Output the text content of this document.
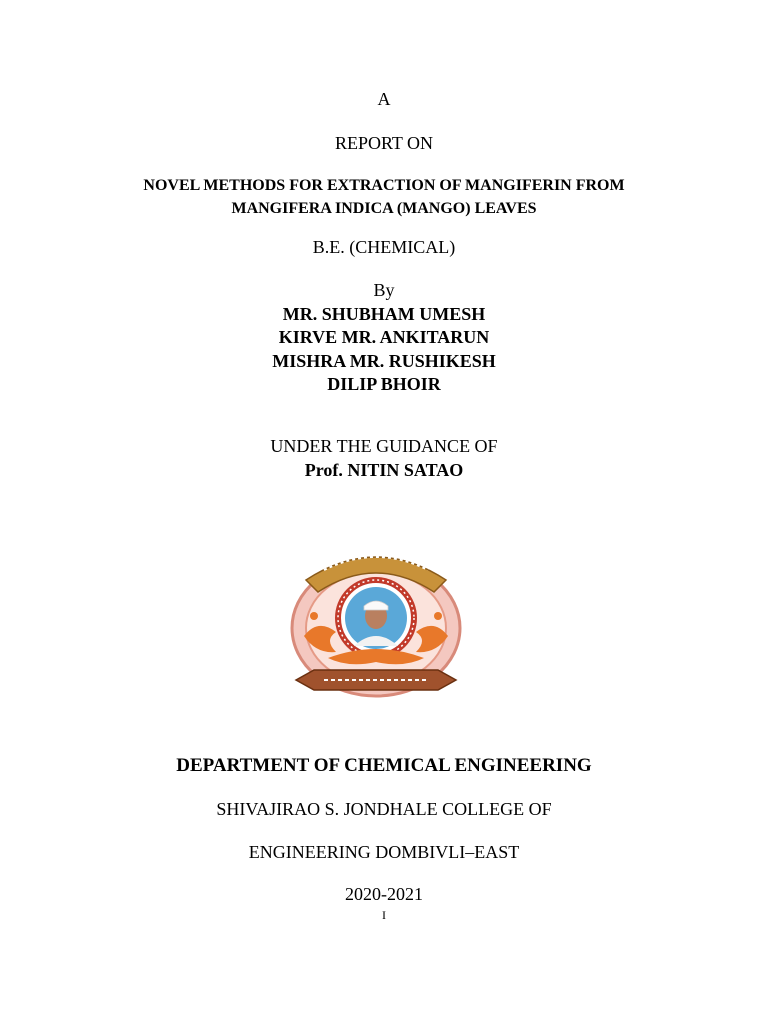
A
REPORT ON
NOVEL METHODS FOR EXTRACTION OF MANGIFERIN FROM
MANGIFERA INDICA (MANGO) LEAVES
B.E. (CHEMICAL)
By
MR. SHUBHAM UMESH
KIRVE MR. ANKITARUN
MISHRA MR. RUSHIKESH
DILIP BHOIR
UNDER THE GUIDANCE OF
Prof. NITIN SATAO
DEPARTMENT OF CHEMICAL ENGINEERING
SHIVAJIRAO S. JONDHALE COLLEGE OF
ENGINEERING DOMBIVLI–EAST
2020-2021
I
